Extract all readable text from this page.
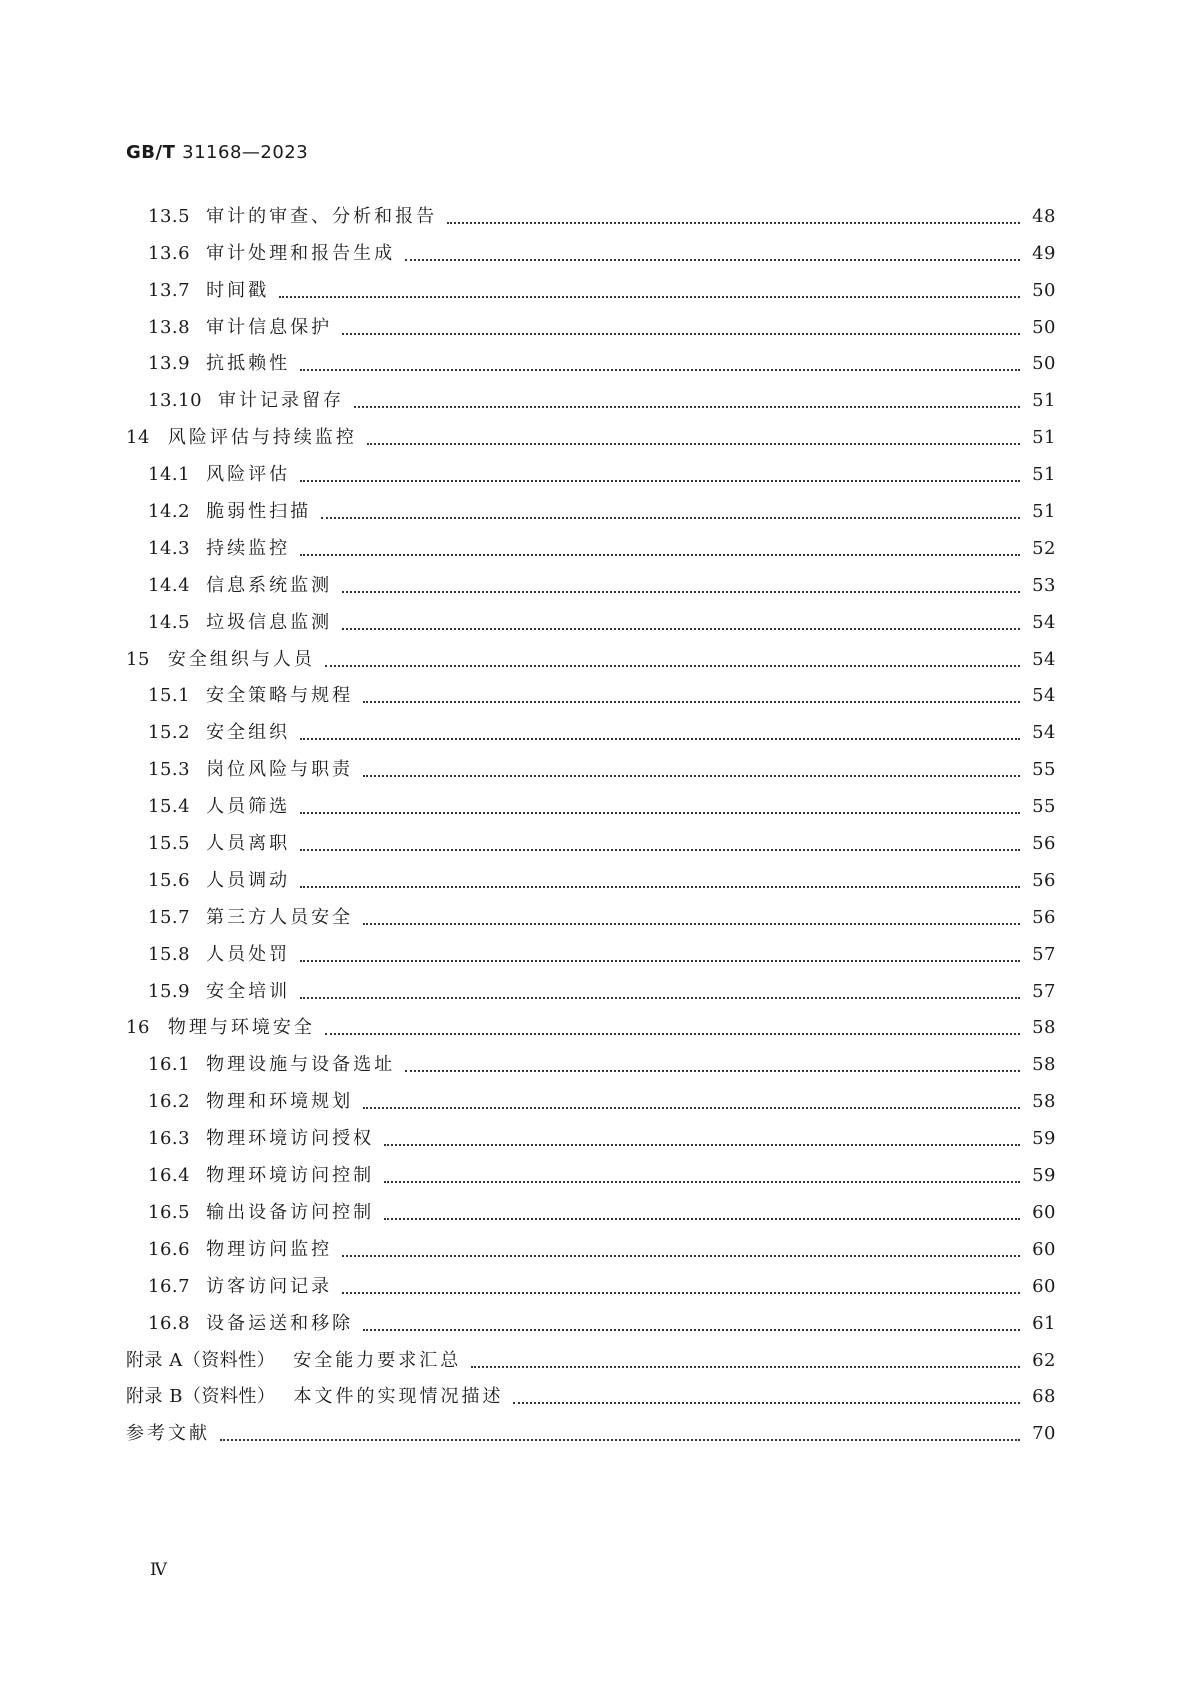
GB/T 31168—2023
13.5 审计的审查、分析和报告	48
13.6 审计处理和报告生成	49
13.7 时间戳	50
13.8 审计信息保护	50
13.9 抗抵赖性	50
13.10 审计记录留存	51
14 风险评估与持续监控	51
14.1 风险评估	51
14.2 脆弱性扫描	51
14.3 持续监控	52
14.4 信息系统监测	53
14.5 垃圾信息监测	54
15 安全组织与人员	54
15.1 安全策略与规程	54
15.2 安全组织	54
15.3 岗位风险与职责	55
15.4 人员筛选	55
15.5 人员离职	56
15.6 人员调动	56
15.7 第三方人员安全	56
15.8 人员处罚	57
15.9 安全培训	57
16 物理与环境安全	58
16.1 物理设施与设备选址	58
16.2 物理和环境规划	58
16.3 物理环境访问授权	59
16.4 物理环境访问控制	59
16.5 输出设备访问控制	60
16.6 物理访问监控	60
16.7 访客访问记录	60
16.8 设备运送和移除	61
附录 A（资料性） 安全能力要求汇总	62
附录 B（资料性） 本文件的实现情况描述	68
参考文献	70
Ⅳ
